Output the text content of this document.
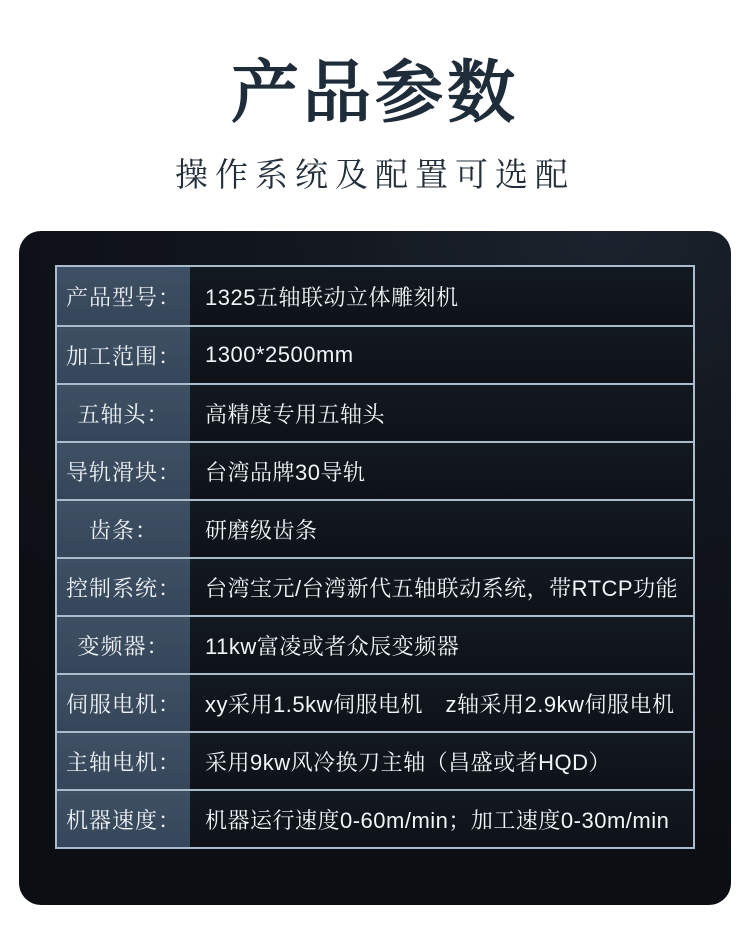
产品参数
操作系统及配置可选配
产品型号：	1325五轴联动立体雕刻机
加工范围：	1300*2500mm
五轴头：	高精度专用五轴头
导轨滑块：	台湾品牌30导轨
齿条：	研磨级齿条
控制系统：	台湾宝元/台湾新代五轴联动系统，带RTCP功能
变频器：	11kw富凌或者众辰变频器
伺服电机：	xy采用1.5kw伺服电机　z轴采用2.9kw伺服电机
主轴电机：	采用9kw风冷换刀主轴（昌盛或者HQD）
机器速度：	机器运行速度0-60m/min；加工速度0-30m/min
